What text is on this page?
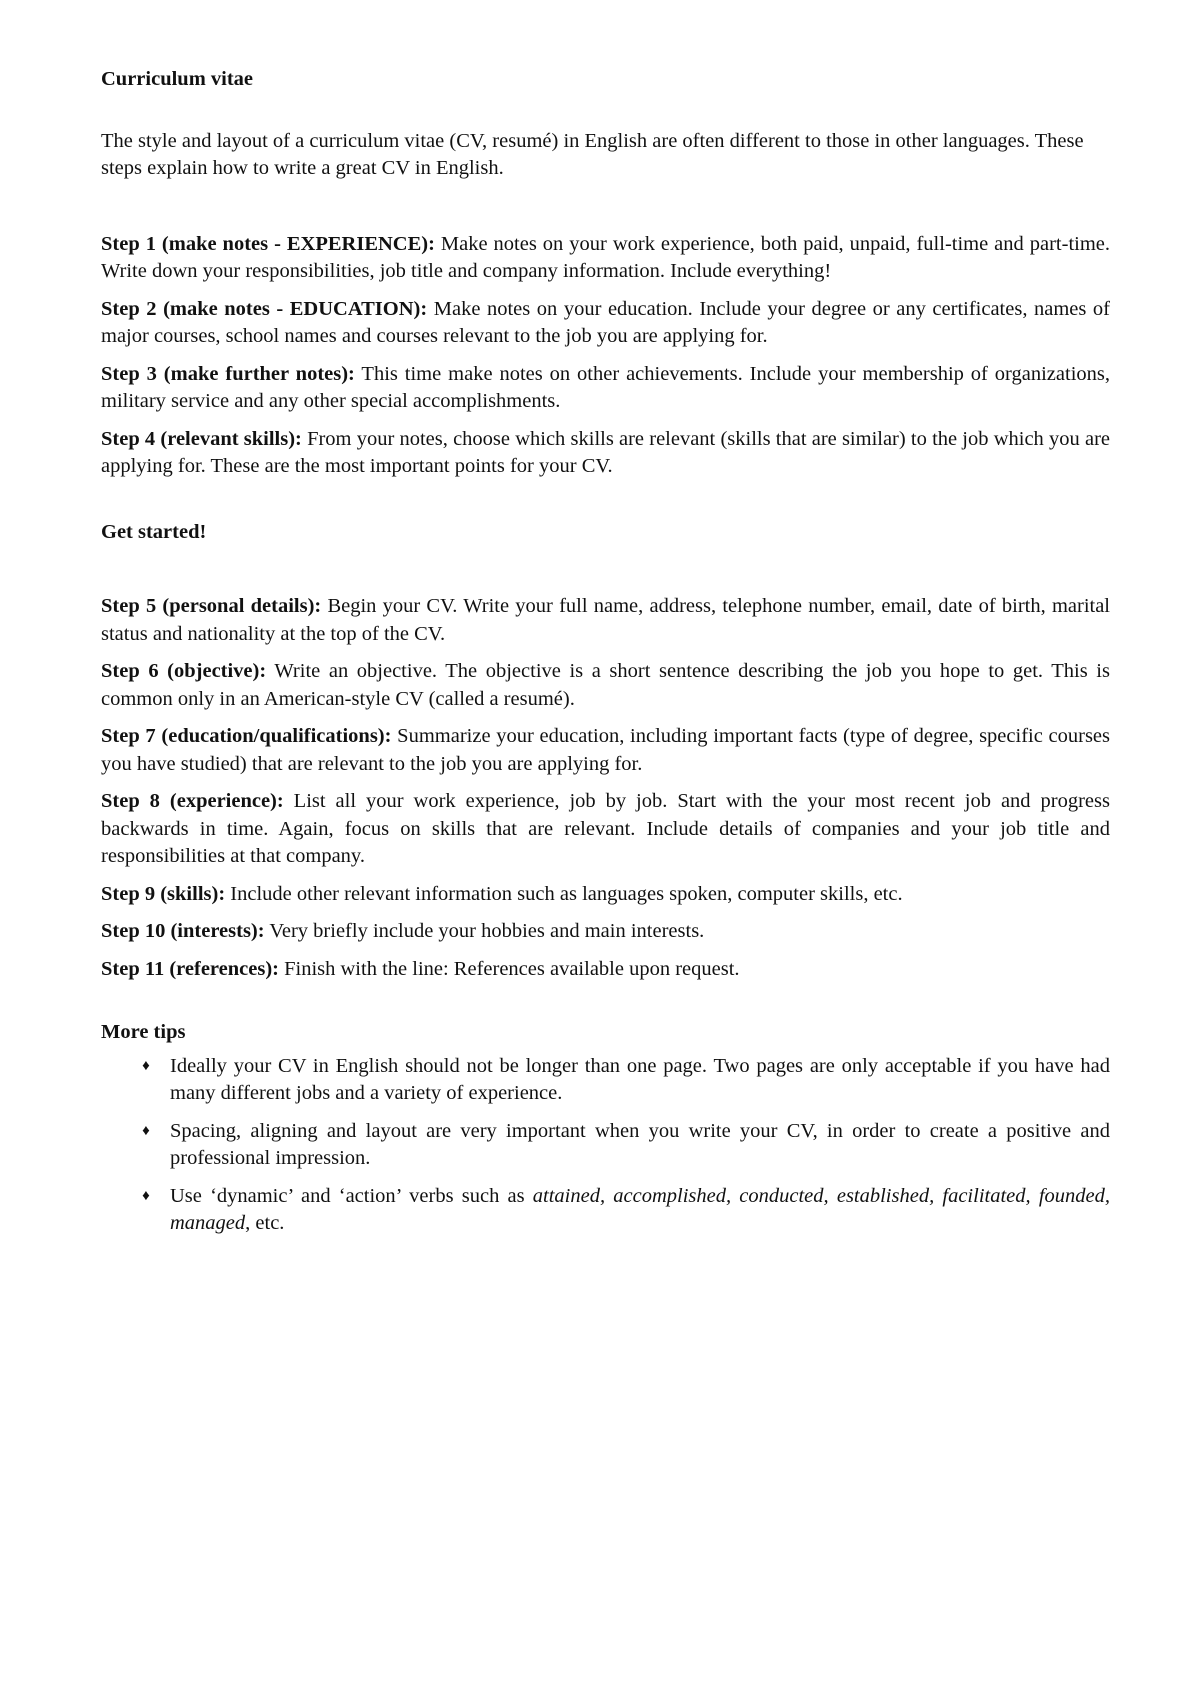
Curriculum vitae
The style and layout of a curriculum vitae (CV, resumé) in English are often different to those in other languages. These steps explain how to write a great CV in English.
Step 1 (make notes - EXPERIENCE): Make notes on your work experience, both paid, unpaid, full-time and part-time. Write down your responsibilities, job title and company information. Include everything!
Step 2 (make notes - EDUCATION): Make notes on your education. Include your degree or any certificates, names of major courses, school names and courses relevant to the job you are applying for.
Step 3 (make further notes): This time make notes on other achievements. Include your membership of organizations, military service and any other special accomplishments.
Step 4 (relevant skills): From your notes, choose which skills are relevant (skills that are similar) to the job which you are applying for. These are the most important points for your CV.
Get started!
Step 5 (personal details): Begin your CV. Write your full name, address, telephone number, email, date of birth, marital status and nationality at the top of the CV.
Step 6 (objective): Write an objective. The objective is a short sentence describing the job you hope to get. This is common only in an American-style CV (called a resumé).
Step 7 (education/qualifications): Summarize your education, including important facts (type of degree, specific courses you have studied) that are relevant to the job you are applying for.
Step 8 (experience): List all your work experience, job by job. Start with the your most recent job and progress backwards in time. Again, focus on skills that are relevant. Include details of companies and your job title and responsibilities at that company.
Step 9 (skills): Include other relevant information such as languages spoken, computer skills, etc.
Step 10 (interests): Very briefly include your hobbies and main interests.
Step 11 (references): Finish with the line: References available upon request.
More tips
♦ Ideally your CV in English should not be longer than one page. Two pages are only acceptable if you have had many different jobs and a variety of experience.
♦ Spacing, aligning and layout are very important when you write your CV, in order to create a positive and professional impression.
♦ Use ‘dynamic’ and ‘action’ verbs such as attained, accomplished, conducted, established, facilitated, founded, managed, etc.
